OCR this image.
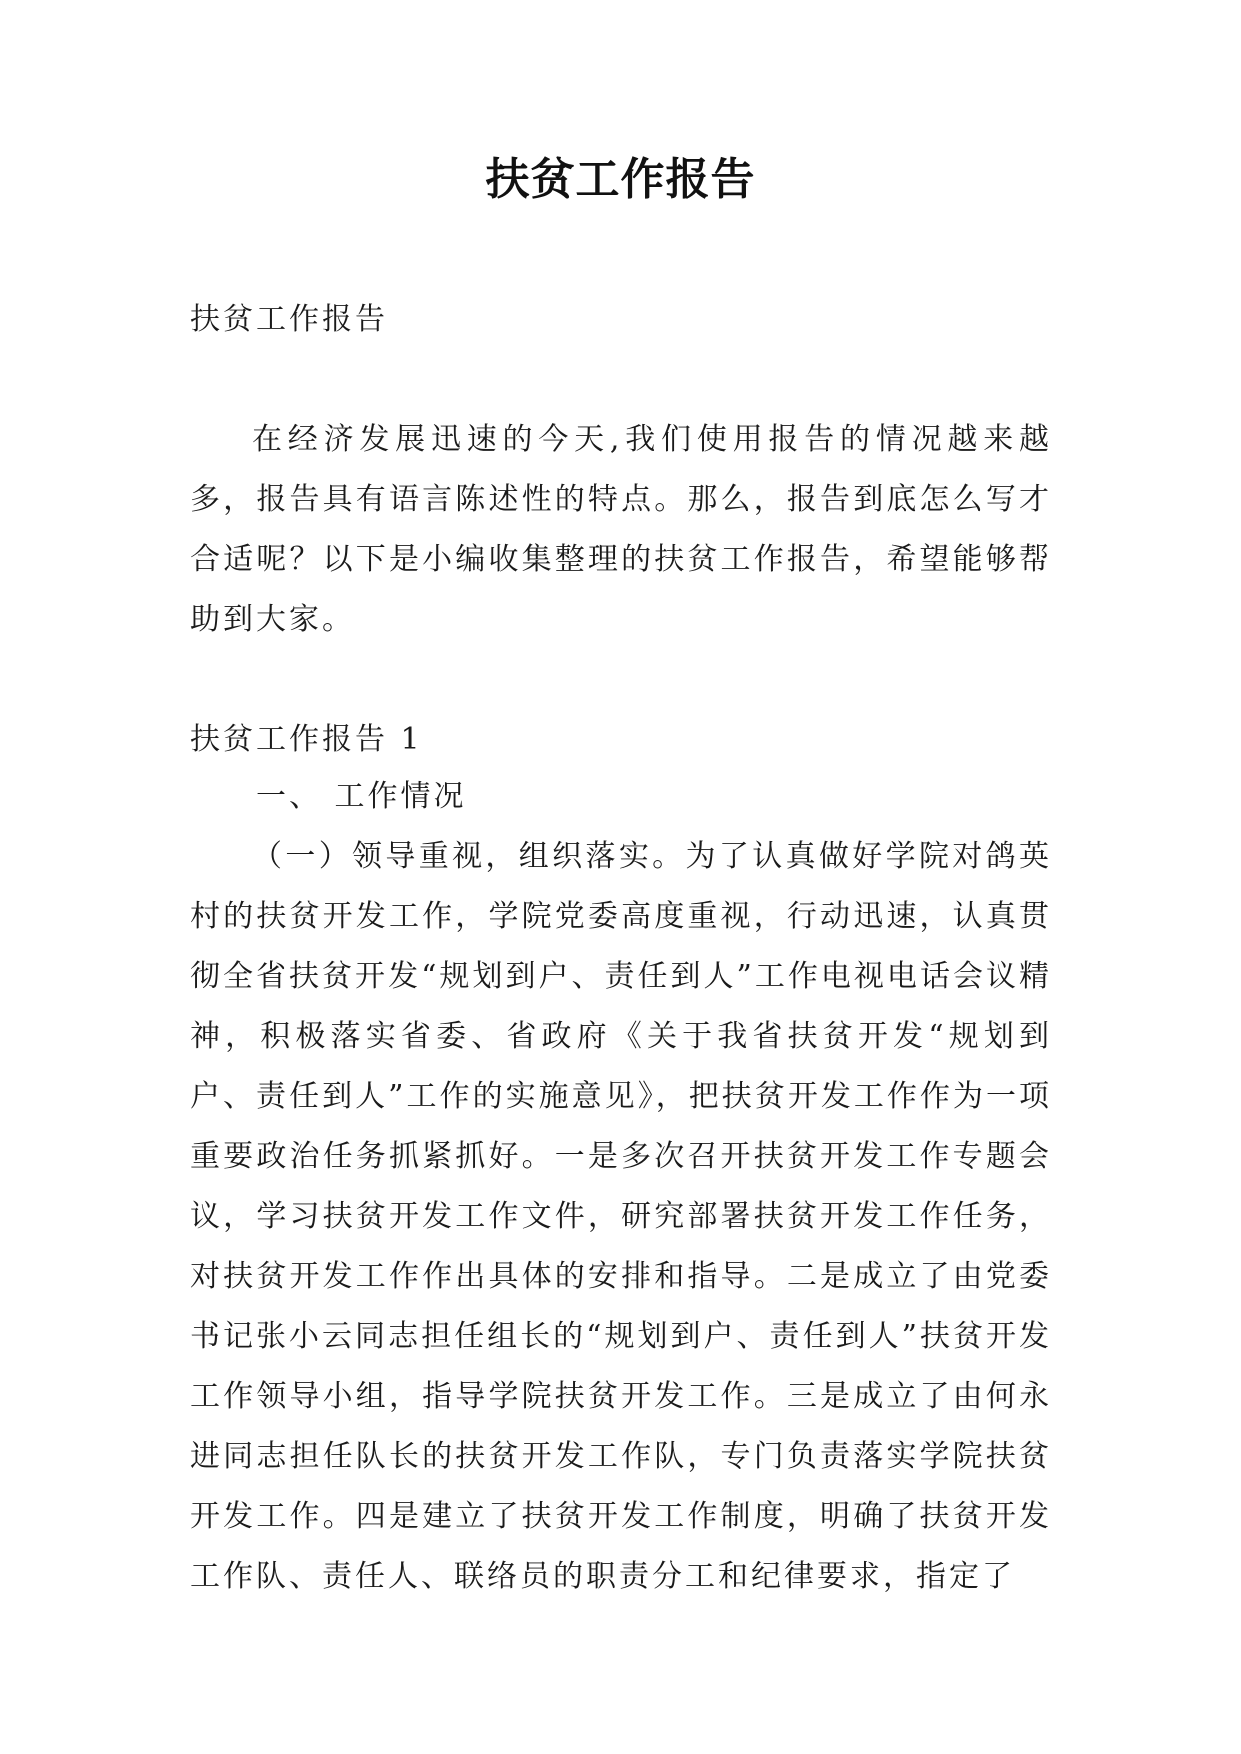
扶贫工作报告

扶贫工作报告

在经济发展迅速的今天,我们使用报告的情况越来越多，报告具有语言陈述性的特点。那么，报告到底怎么写才合适呢？以下是小编收集整理的扶贫工作报告，希望能够帮助到大家。

扶贫工作报告 1

一、 工作情况

（一）领导重视，组织落实。为了认真做好学院对鸽英村的扶贫开发工作，学院党委高度重视，行动迅速，认真贯彻全省扶贫开发“规划到户、责任到人”工作电视电话会议精神，积极落实省委、省政府《关于我省扶贫开发“规划到户、责任到人”工作的实施意见》，把扶贫开发工作作为一项重要政治任务抓紧抓好。一是多次召开扶贫开发工作专题会议，学习扶贫开发工作文件，研究部署扶贫开发工作任务，对扶贫开发工作作出具体的安排和指导。二是成立了由党委书记张小云同志担任组长的“规划到户、责任到人”扶贫开发工作领导小组，指导学院扶贫开发工作。三是成立了由何永进同志担任队长的扶贫开发工作队，专门负责落实学院扶贫开发工作。四是建立了扶贫开发工作制度，明确了扶贫开发工作队、责任人、联络员的职责分工和纪律要求，指定了
